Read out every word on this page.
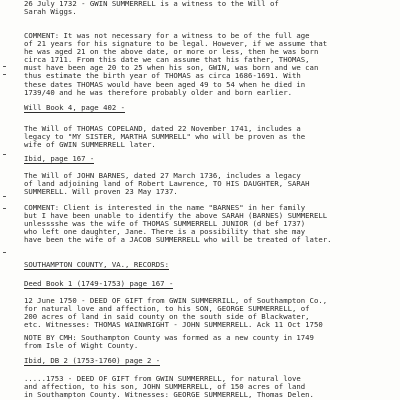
26 July 1732 - GWIN SUMMERRELL is a witness to the Will of
Sarah Wiggs.
COMMENT: It was not necessary for a witness to be of the full age
of 21 years for his signature to be legal. However, if we assume that
he was aged 21 on the above date, or more or less, then he was born
circa 1711. From this date we can assume that his father, THOMAS,
must have been age 20 to 25 when his son, GWIN, was born and we can
thus estimate the birth year of THOMAS as circa 1686-1691. With
these dates THOMAS would have been aged 49 to 54 when he died in
1739/40 and he was therefore probably older and born earlier.
Will Book 4, page 402 -
The Will of THOMAS COPELAND, dated 22 November 1741, includes a
legacy to "MY SISTER, MARTHA SUMMRELL" who will be proven as the
wife of GWIN SUMMERRELL later.
Ibid, page 167 -
The Will of JOHN BARNES, dated 27 March 1736, includes a legacy
of land adjoining land of Robert Lawrence, TO HIS DAUGHTER, SARAH
SUMMERELL. Will proven 23 May 1737.
COMMENT: Client is interested in the name "BARNES" in her family
but I have been unable to identify the above SARAH (BARNES) SUMMERELL
unlesssshe was the wife of THOMAS SUMMERRELL JUNIOR (d bef 1737)
who left one daughter, Jane. There is a possibility that she may
have been the wife of a JACOB SUMMERRELL who will be treated of later.
SOUTHAMPTON COUNTY, VA., RECORDS:
Deed Book 1 (1749-1753) page 167 -
12 June 1750 - DEED OF GIFT from GWIN SUMMERRILL, of Southampton Co.,
for natural love and affection, to his SON, GEORGE SUMMERRELL, of
200 acres of land in said county on the south side of Blackwater,
etc. Witnesses: THOMAS WAINWRIGHT - JOHN SUMMERRELL. Ack 11 Oct 1750
NOTE BY CMH: Southampton County was formed as a new county in 1749
from Isle of Wight County.
Ibid, DB 2 (1753-1760) page 2 -
.....1753 - DEED OF GIFT from GWIN SUMMERRELL, for natural love
and affection, to his son, JOHN SUMMERRELL, of 150 acres of land
in Southampton County. Witnesses: GEORGE SUMMERRELL, Thomas Delen.
